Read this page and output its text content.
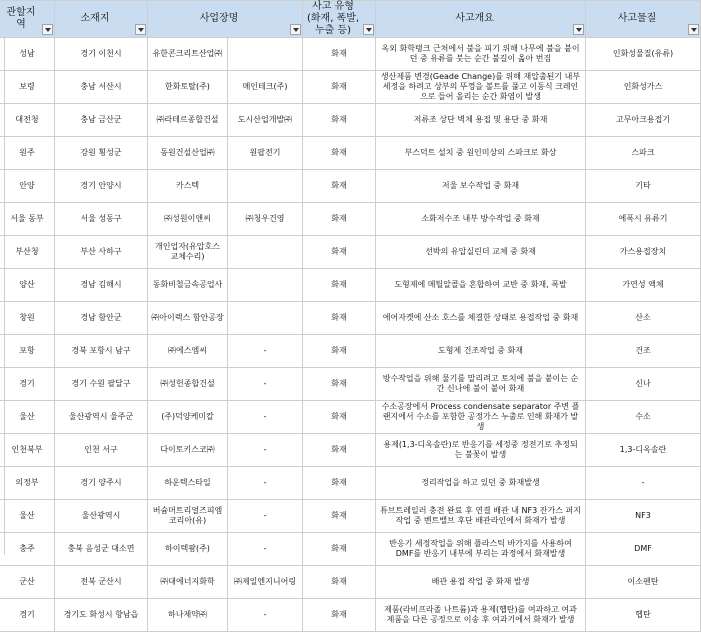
관할지역	소재지	사업장명		사고 유형 (화재, 폭발, 누출 등)	사고개요	사고물질

성남	경기 이천시	유한콘크리트산업㈜		화재	옥외 화학탱크 근처에서 불을 피기 위해 나무에 불을 붙이던 중 유류를 붓는 순간 불길이 옮아 번짐	인화성물질(유류)
보령	충남 서산시	한화토탈(주)	메인테크(주)	화재	생산제품 변경(Geade Change)를 위해 재압출된기 내부 세정을 하려고 상부의 뚜껑을 볼트를 풀고 이동식 크레인으로 들어 올리는 순간 화염이 발생	인화성가스
대전청	충남 금산군	㈜라테르종합건설	도시산업개발㈜	화재	저류조 상단 벽체 용접 및 용단 중 화재	고무아크용접기
원주	강원 횡성군	동원건설산업㈜	원팝전기	화재	부스덕트 설치 중 원인미상의 스파크로 화상	스파크
안양	경기 안양시	카스텍		화재	저울 보수작업 중 화재	기타
서울 동부	서울 성동구	㈜성원이앤씨	㈜청우건영	화재	소화저수조 내부 방수작업 중 화재	에폭시 유류기
부산청	부산 사하구	개인업자(유압호스 교체수리)		화재	선박의 유압실린더 교체 중 화재	가스용접장치
양산	경남 김해시	동화비철금속공업사		화재	도형제에 메틸알콜을 혼합하여 교반 중 화재, 폭발	가연성 액체
창원	경남 함안군	㈜아이렉스 함안공장		화재	에어자켓에 산소 호스를 체결한 상태로 용접작업 중 화재	산소
포항	경북 포항시 남구	㈜에스엠씨	-	화재	도형제 건조작업 중 화재	건조
경기	경기 수원 팔달구	㈜성헌종합건설	-	화재	방수작업을 위해 물기를 말리려고 토치에 불을 붙이는 순간 신나에 불이 붙어 화재	신나
울산	울산광역시 울주군	(주)덕양케미칼	-	화재	수소공장에서 Process condensate separator 주변 플랜지에서 수소를 포함한 공정가스 누출로 인해 화재가 발생	수소
인천북부	인천 서구	다이토키스코㈜	-	화재	용제(1,3-디옥솔란)로 반응기를 세정중 정전기로 추정되는 불꽃이 발생	1,3-디옥솔란
의정부	경기 양주시	하운텍스타일	-	화재	정리작업을 하고 있던 중 화재발생	-
울산	울산광역시	버슘머트리얼즈피엠코리아(유)	-	화재	튜브트레일러 충전 완료 후 연결 배관 내 NF3 잔가스 퍼지작업 중 벤트밸브 후단 배관라인에서 화재가 발생	NF3
충주	충북 음성군 대소면	하이텍팜(주)	-	화재	반응기 세정작업을 위해 플라스틱 바가지를 사용하여 DMF를 반응기 내부에 부리는 과정에서 화재발생	DMF
군산	전북 군산시	㈜대에너지화학	㈜제일엔지니어링	화재	배관 용접 작업 중 화재 발생	이소펜탄
경기	경기도 화성시 향남읍	하나제약㈜	-	화재	제품(라비프라졸 나트륨)과 용제(헵탄)를 여과하고 여과 제품을 다른 공정으로 이송 후 여과기에서 화재가 발생	헵탄
